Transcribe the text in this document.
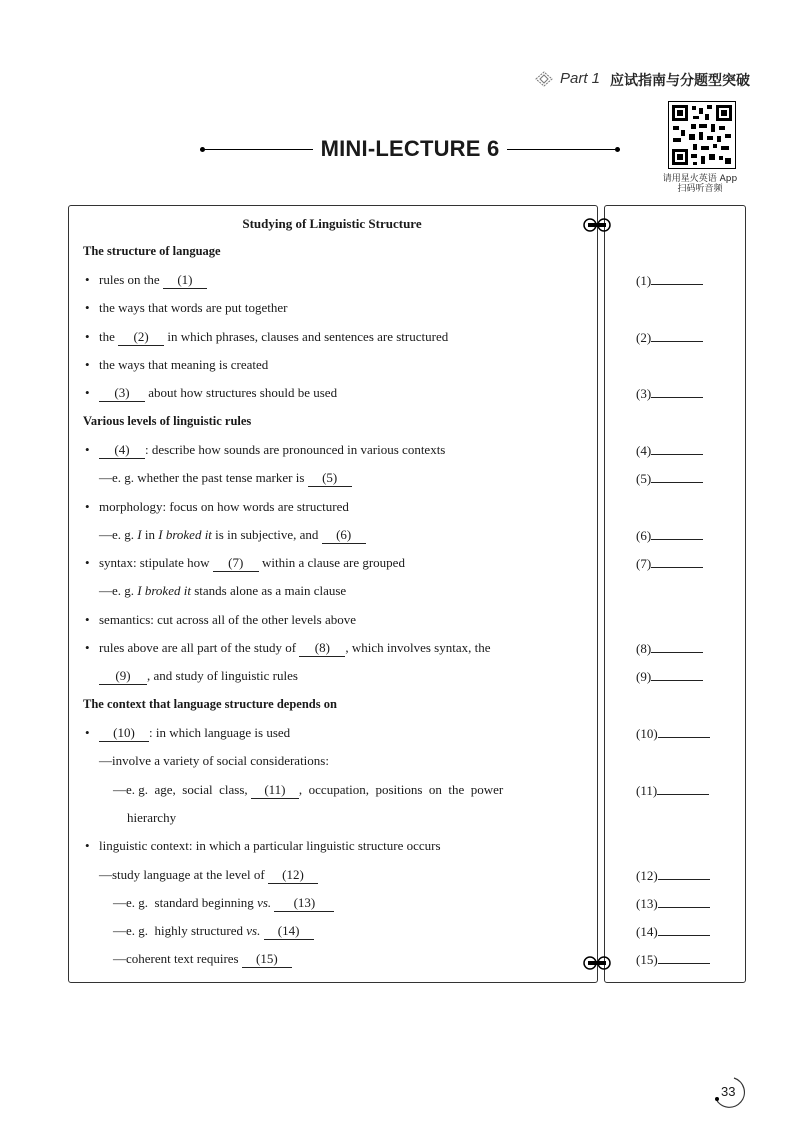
Part 1 应试指南与分题型突破
请用星火英语 App
扫码听音频
MINI-LECTURE 6
Studying of Linguistic Structure
The structure of language
• rules on the (1)
• the ways that words are put together
• the (2) in which phrases, clauses and sentences are structured
• the ways that meaning is created
• (3) about how structures should be used
Various levels of linguistic rules
• (4) : describe how sounds are pronounced in various contexts
—e. g. whether the past tense marker is (5)
• morphology: focus on how words are structured
—e. g. I in I broked it is in subjective, and (6)
• syntax: stipulate how (7) within a clause are grouped
—e. g. I broked it stands alone as a main clause
• semantics: cut across all of the other levels above
• rules above are all part of the study of (8) , which involves syntax, the
(9) , and study of linguistic rules
The context that language structure depends on
• (10) : in which language is used
—involve a variety of social considerations:
—e. g.  age,  social  class, (11) ,  occupation,  positions  on  the  power
hierarchy
• linguistic context: in which a particular linguistic structure occurs
—study language at the level of (12)
—e. g.  standard beginning vs. (13)
—e. g.  highly structured vs. (14)
—coherent text requires (15)
(1)
(2)
(3)
(4)
(5)
(6)
(7)
(8)
(9)
(10)
(11)
(12)
(13)
(14)
(15)
33
